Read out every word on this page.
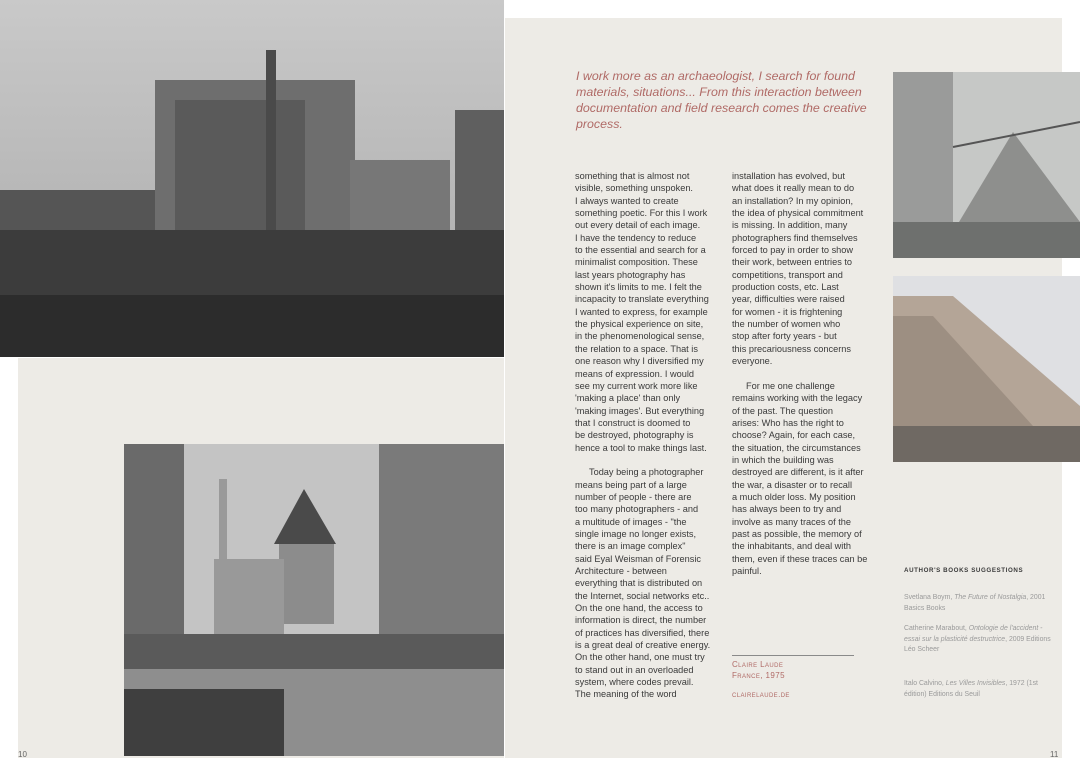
I work more as an archaeologist, I search for found materials, situations... From this interaction between documentation and field research comes the creative process.

something that is almost not
visible, something unspoken.
I always wanted to create
something poetic. For this I work
out every detail of each image.
I have the tendency to reduce
to the essential and search for a
minimalist composition. These
last years photography has
shown it's limits to me. I felt the
incapacity to translate everything
I wanted to express, for example
the physical experience on site,
in the phenomenological sense,
the relation to a space. That is
one reason why I diversified my
means of expression. I would
see my current work more like
'making a place' than only
'making images'. But everything
that I construct is doomed to
be destroyed, photography is
hence a tool to make things last.

Today being a photographer
means being part of a large
number of people - there are
too many photographers - and
a multitude of images - "the
single image no longer exists,
there is an image complex"
said Eyal Weisman of Forensic
Architecture - between
everything that is distributed on
the Internet, social networks etc..
On the one hand, the access to
information is direct, the number
of practices has diversified, there
is a great deal of creative energy.
On the other hand, one must try
to stand out in an overloaded
system, where codes prevail.
The meaning of the word

installation has evolved, but
what does it really mean to do
an installation? In my opinion,
the idea of physical commitment
is missing. In addition, many
photographers find themselves
forced to pay in order to show
their work, between entries to
competitions, transport and
production costs, etc. Last
year, difficulties were raised
for women - it is frightening
the number of women who
stop after forty years - but
this precariousness concerns
everyone.

For me one challenge
remains working with the legacy
of the past. The question
arises: Who has the right to
choose? Again, for each case,
the situation, the circumstances
in which the building was
destroyed are different, is it after
the war, a disaster or to recall
a much older loss. My position
has always been to try and
involve as many traces of the
past as possible, the memory of
the inhabitants, and deal with
them, even if these traces can be
painful.

Claire Laude
France, 1975
clairelaude.de
AUTHOR'S BOOKS SUGGESTIONS
Svetlana Boym, The Future of Nostalgia, 2001 Basics Books
Catherine Marabout, Ontologie de l'accident - essai sur la plasticité destructrice, 2009 Editions Léo Scheer
Italo Calvino, Les Villes Invisibles, 1972 (1st édition) Editions du Seuil
10	11
